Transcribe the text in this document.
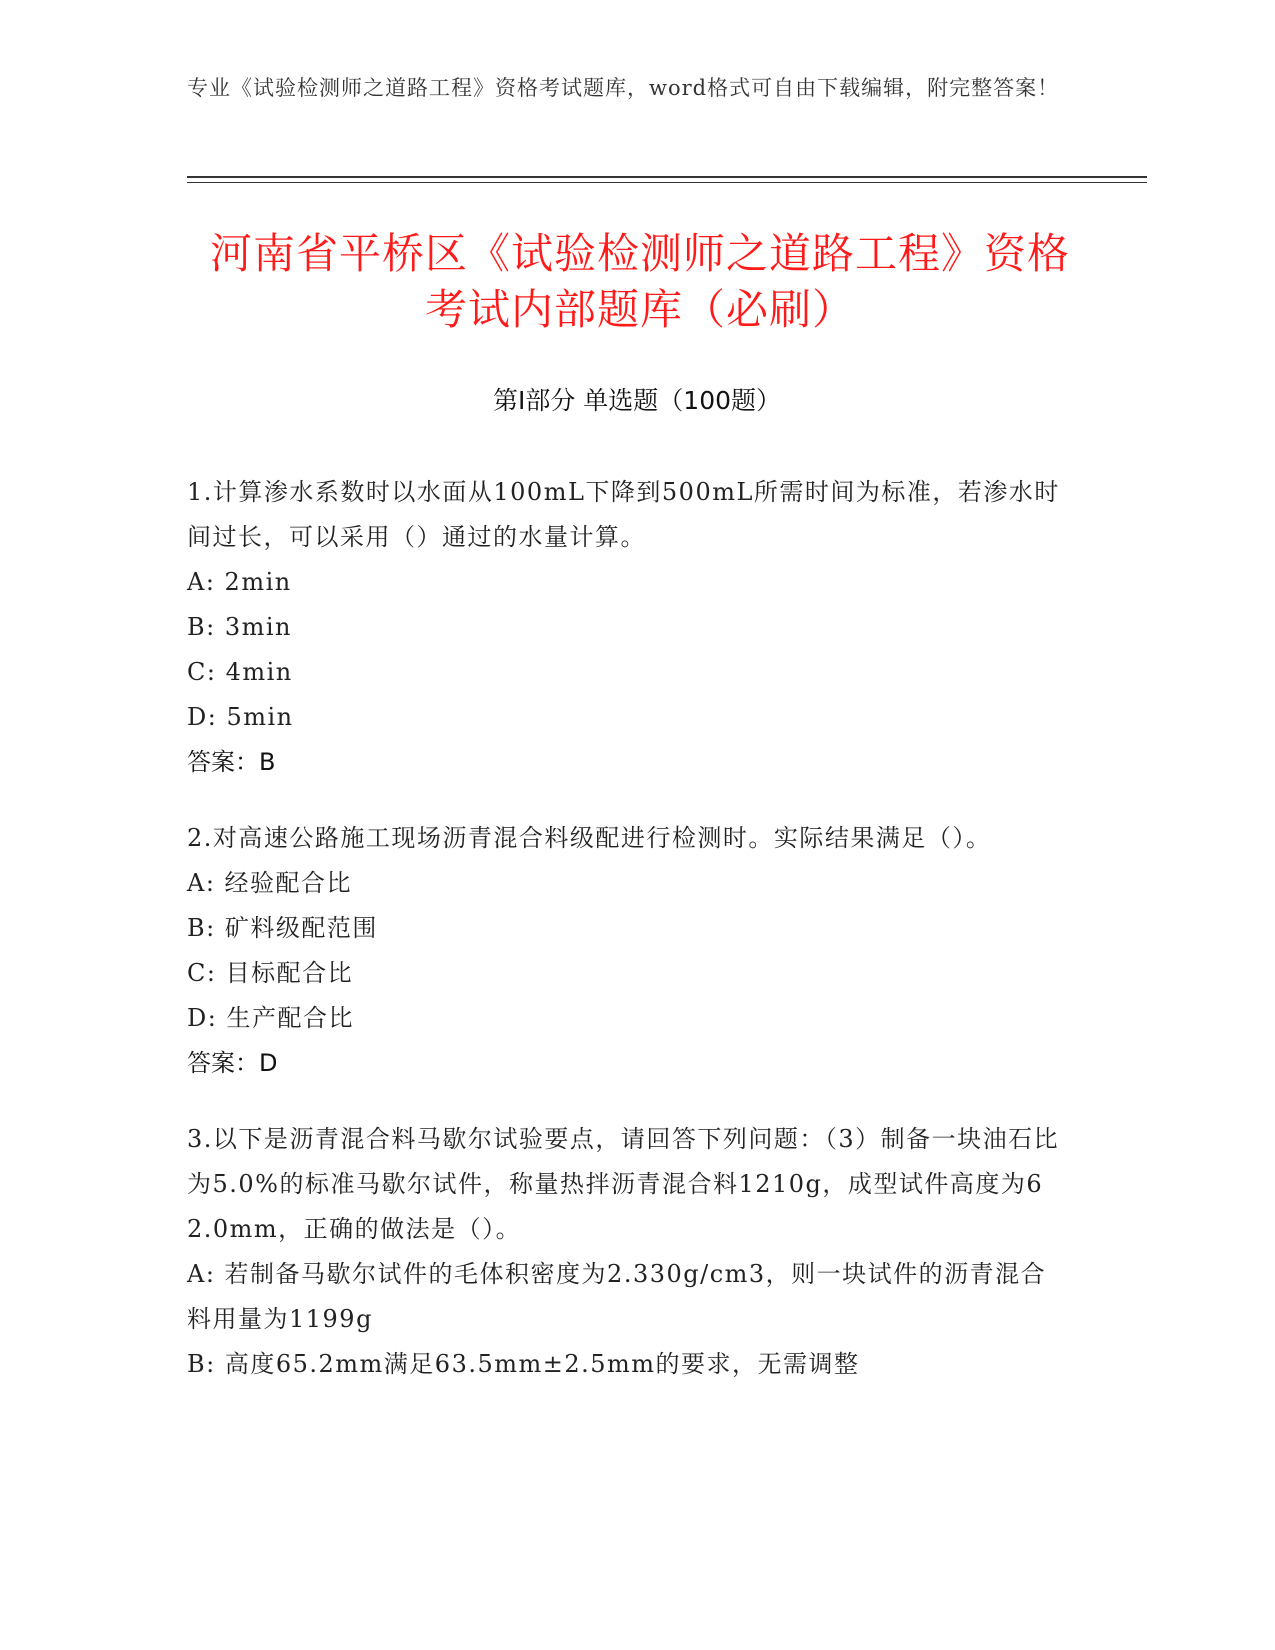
专业《试验检测师之道路工程》资格考试题库，word格式可自由下载编辑，附完整答案！
河南省平桥区《试验检测师之道路工程》资格考试内部题库（必刷）
第Ⅰ部分 单选题（100题）
1.计算渗水系数时以水面从100mL下降到500mL所需时间为标准，若渗水时间过长，可以采用（）通过的水量计算。
A: 2min
B: 3min
C: 4min
D: 5min
答案：B
2.对高速公路施工现场沥青混合料级配进行检测时。实际结果满足（）。
A: 经验配合比
B: 矿料级配范围
C: 目标配合比
D: 生产配合比
答案：D
3.以下是沥青混合料马歇尔试验要点，请回答下列问题：（3）制备一块油石比为5.0%的标准马歇尔试件，称量热拌沥青混合料1210g，成型试件高度为62.0mm，正确的做法是（）。
A: 若制备马歇尔试件的毛体积密度为2.330g/cm3，则一块试件的沥青混合料用量为1199g
B: 高度65.2mm满足63.5mm±2.5mm的要求，无需调整
